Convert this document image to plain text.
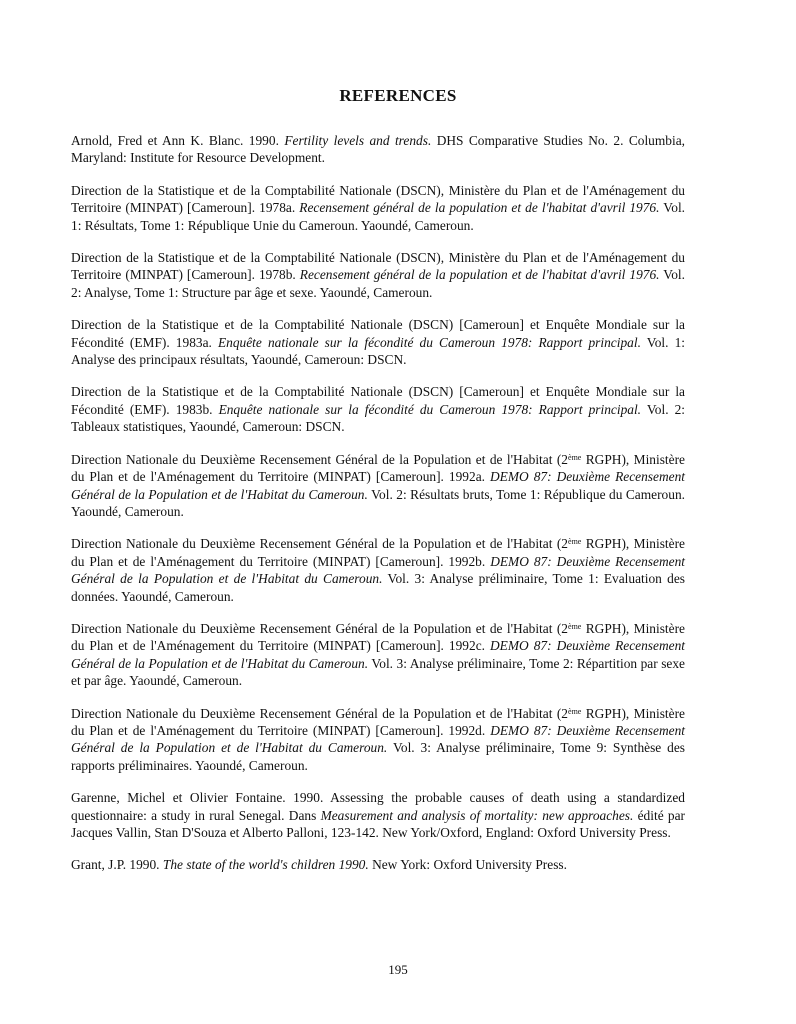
REFERENCES

Arnold, Fred et Ann K. Blanc. 1990. Fertility levels and trends. DHS Comparative Studies No. 2. Columbia, Maryland: Institute for Resource Development.

Direction de la Statistique et de la Comptabilité Nationale (DSCN), Ministère du Plan et de l'Aménagement du Territoire (MINPAT) [Cameroun]. 1978a. Recensement général de la population et de l'habitat d'avril 1976. Vol. 1: Résultats, Tome 1: République Unie du Cameroun. Yaoundé, Cameroun.

Direction de la Statistique et de la Comptabilité Nationale (DSCN), Ministère du Plan et de l'Aménagement du Territoire (MINPAT) [Cameroun]. 1978b. Recensement général de la population et de l'habitat d'avril 1976. Vol. 2: Analyse, Tome 1: Structure par âge et sexe. Yaoundé, Cameroun.

Direction de la Statistique et de la Comptabilité Nationale (DSCN) [Cameroun] et Enquête Mondiale sur la Fécondité (EMF). 1983a. Enquête nationale sur la fécondité du Cameroun 1978: Rapport principal. Vol. 1: Analyse des principaux résultats, Yaoundé, Cameroun: DSCN.

Direction de la Statistique et de la Comptabilité Nationale (DSCN) [Cameroun] et Enquête Mondiale sur la Fécondité (EMF). 1983b. Enquête nationale sur la fécondité du Cameroun 1978: Rapport principal. Vol. 2: Tableaux statistiques, Yaoundé, Cameroun: DSCN.

Direction Nationale du Deuxième Recensement Général de la Population et de l'Habitat (2ème RGPH), Ministère du Plan et de l'Aménagement du Territoire (MINPAT) [Cameroun]. 1992a. DEMO 87: Deuxième Recensement Général de la Population et de l'Habitat du Cameroun. Vol. 2: Résultats bruts, Tome 1: République du Cameroun. Yaoundé, Cameroun.

Direction Nationale du Deuxième Recensement Général de la Population et de l'Habitat (2ème RGPH), Ministère du Plan et de l'Aménagement du Territoire (MINPAT) [Cameroun]. 1992b. DEMO 87: Deuxième Recensement Général de la Population et de l'Habitat du Cameroun. Vol. 3: Analyse préliminaire, Tome 1: Evaluation des données. Yaoundé, Cameroun.

Direction Nationale du Deuxième Recensement Général de la Population et de l'Habitat (2ème RGPH), Ministère du Plan et de l'Aménagement du Territoire (MINPAT) [Cameroun]. 1992c. DEMO 87: Deuxième Recensement Général de la Population et de l'Habitat du Cameroun. Vol. 3: Analyse préliminaire, Tome 2: Répartition par sexe et par âge. Yaoundé, Cameroun.

Direction Nationale du Deuxième Recensement Général de la Population et de l'Habitat (2ème RGPH), Ministère du Plan et de l'Aménagement du Territoire (MINPAT) [Cameroun]. 1992d. DEMO 87: Deuxième Recensement Général de la Population et de l'Habitat du Cameroun. Vol. 3: Analyse préliminaire, Tome 9: Synthèse des rapports préliminaires. Yaoundé, Cameroun.

Garenne, Michel et Olivier Fontaine. 1990. Assessing the probable causes of death using a standardized questionnaire: a study in rural Senegal. Dans Measurement and analysis of mortality: new approaches. édité par Jacques Vallin, Stan D'Souza et Alberto Palloni, 123-142. New York/Oxford, England: Oxford University Press.

Grant, J.P. 1990. The state of the world's children 1990. New York: Oxford University Press.

195
